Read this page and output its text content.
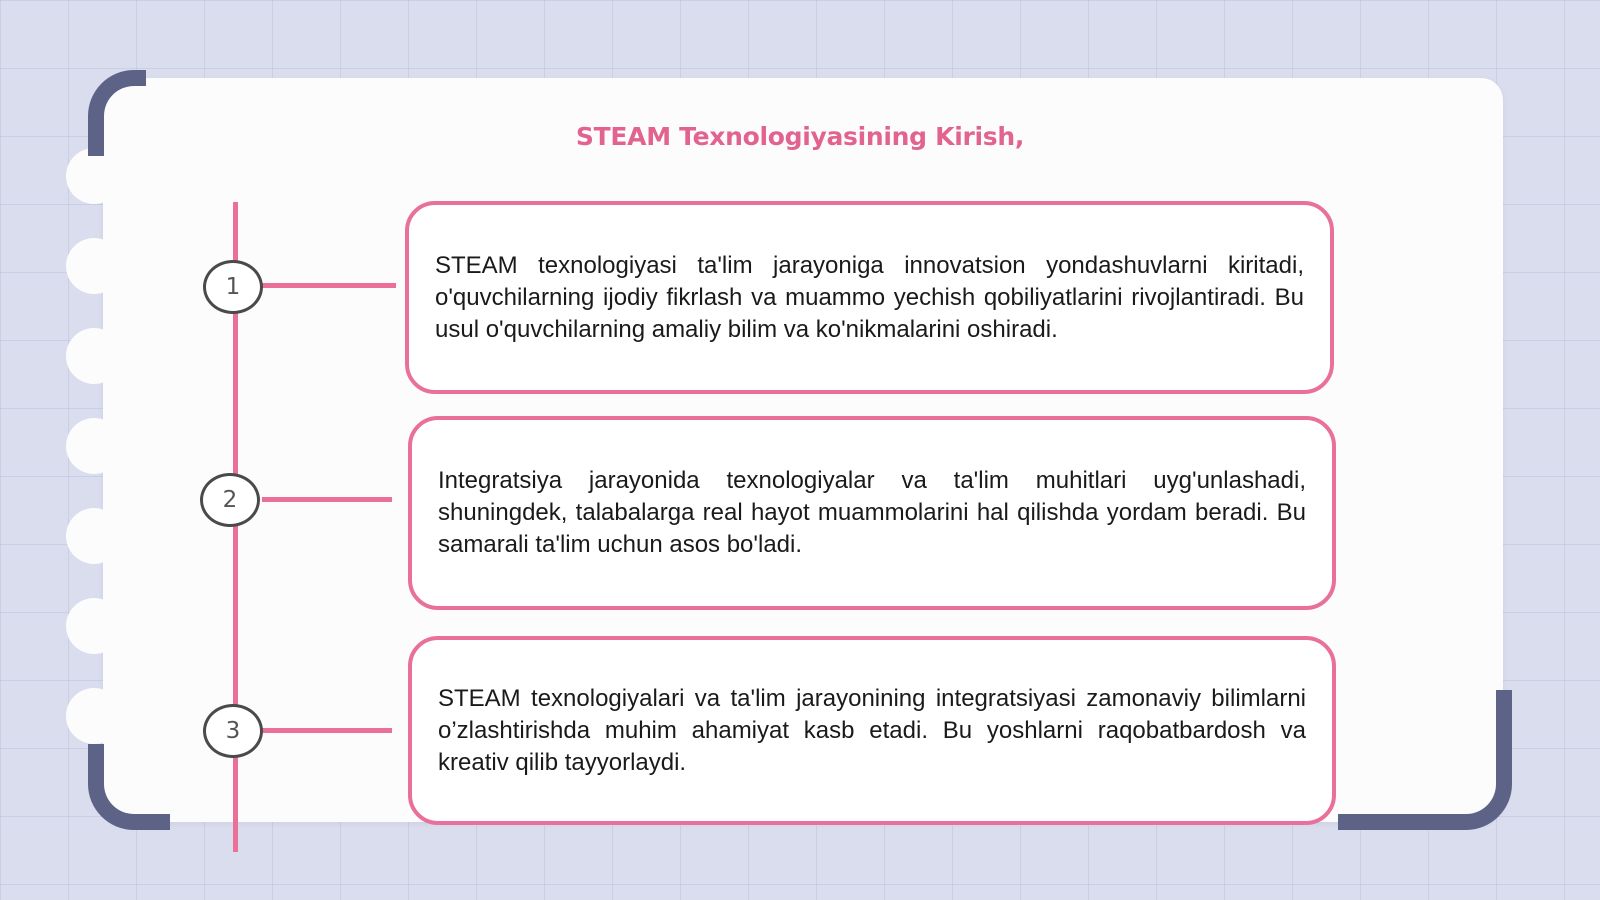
STEAM Texnologiyasining Kirish,
1
STEAM texnologiyasi ta'lim jarayoniga innovatsion yondashuvlarni kiritadi, o'quvchilarning ijodiy fikrlash va muammo yechish qobiliyatlarini rivojlantiradi. Bu usul o'quvchilarning amaliy bilim va ko'nikmalarini oshiradi.
2
Integratsiya jarayonida texnologiyalar va ta'lim muhitlari uyg'unlashadi, shuningdek, talabalarga real hayot muammolarini hal qilishda yordam beradi. Bu samarali ta'lim uchun asos bo'ladi.
3
STEAM texnologiyalari va ta'lim jarayonining integratsiyasi zamonaviy bilimlarni o’zlashtirishda muhim ahamiyat kasb etadi. Bu yoshlarni raqobatbardosh va kreativ qilib tayyorlaydi.
